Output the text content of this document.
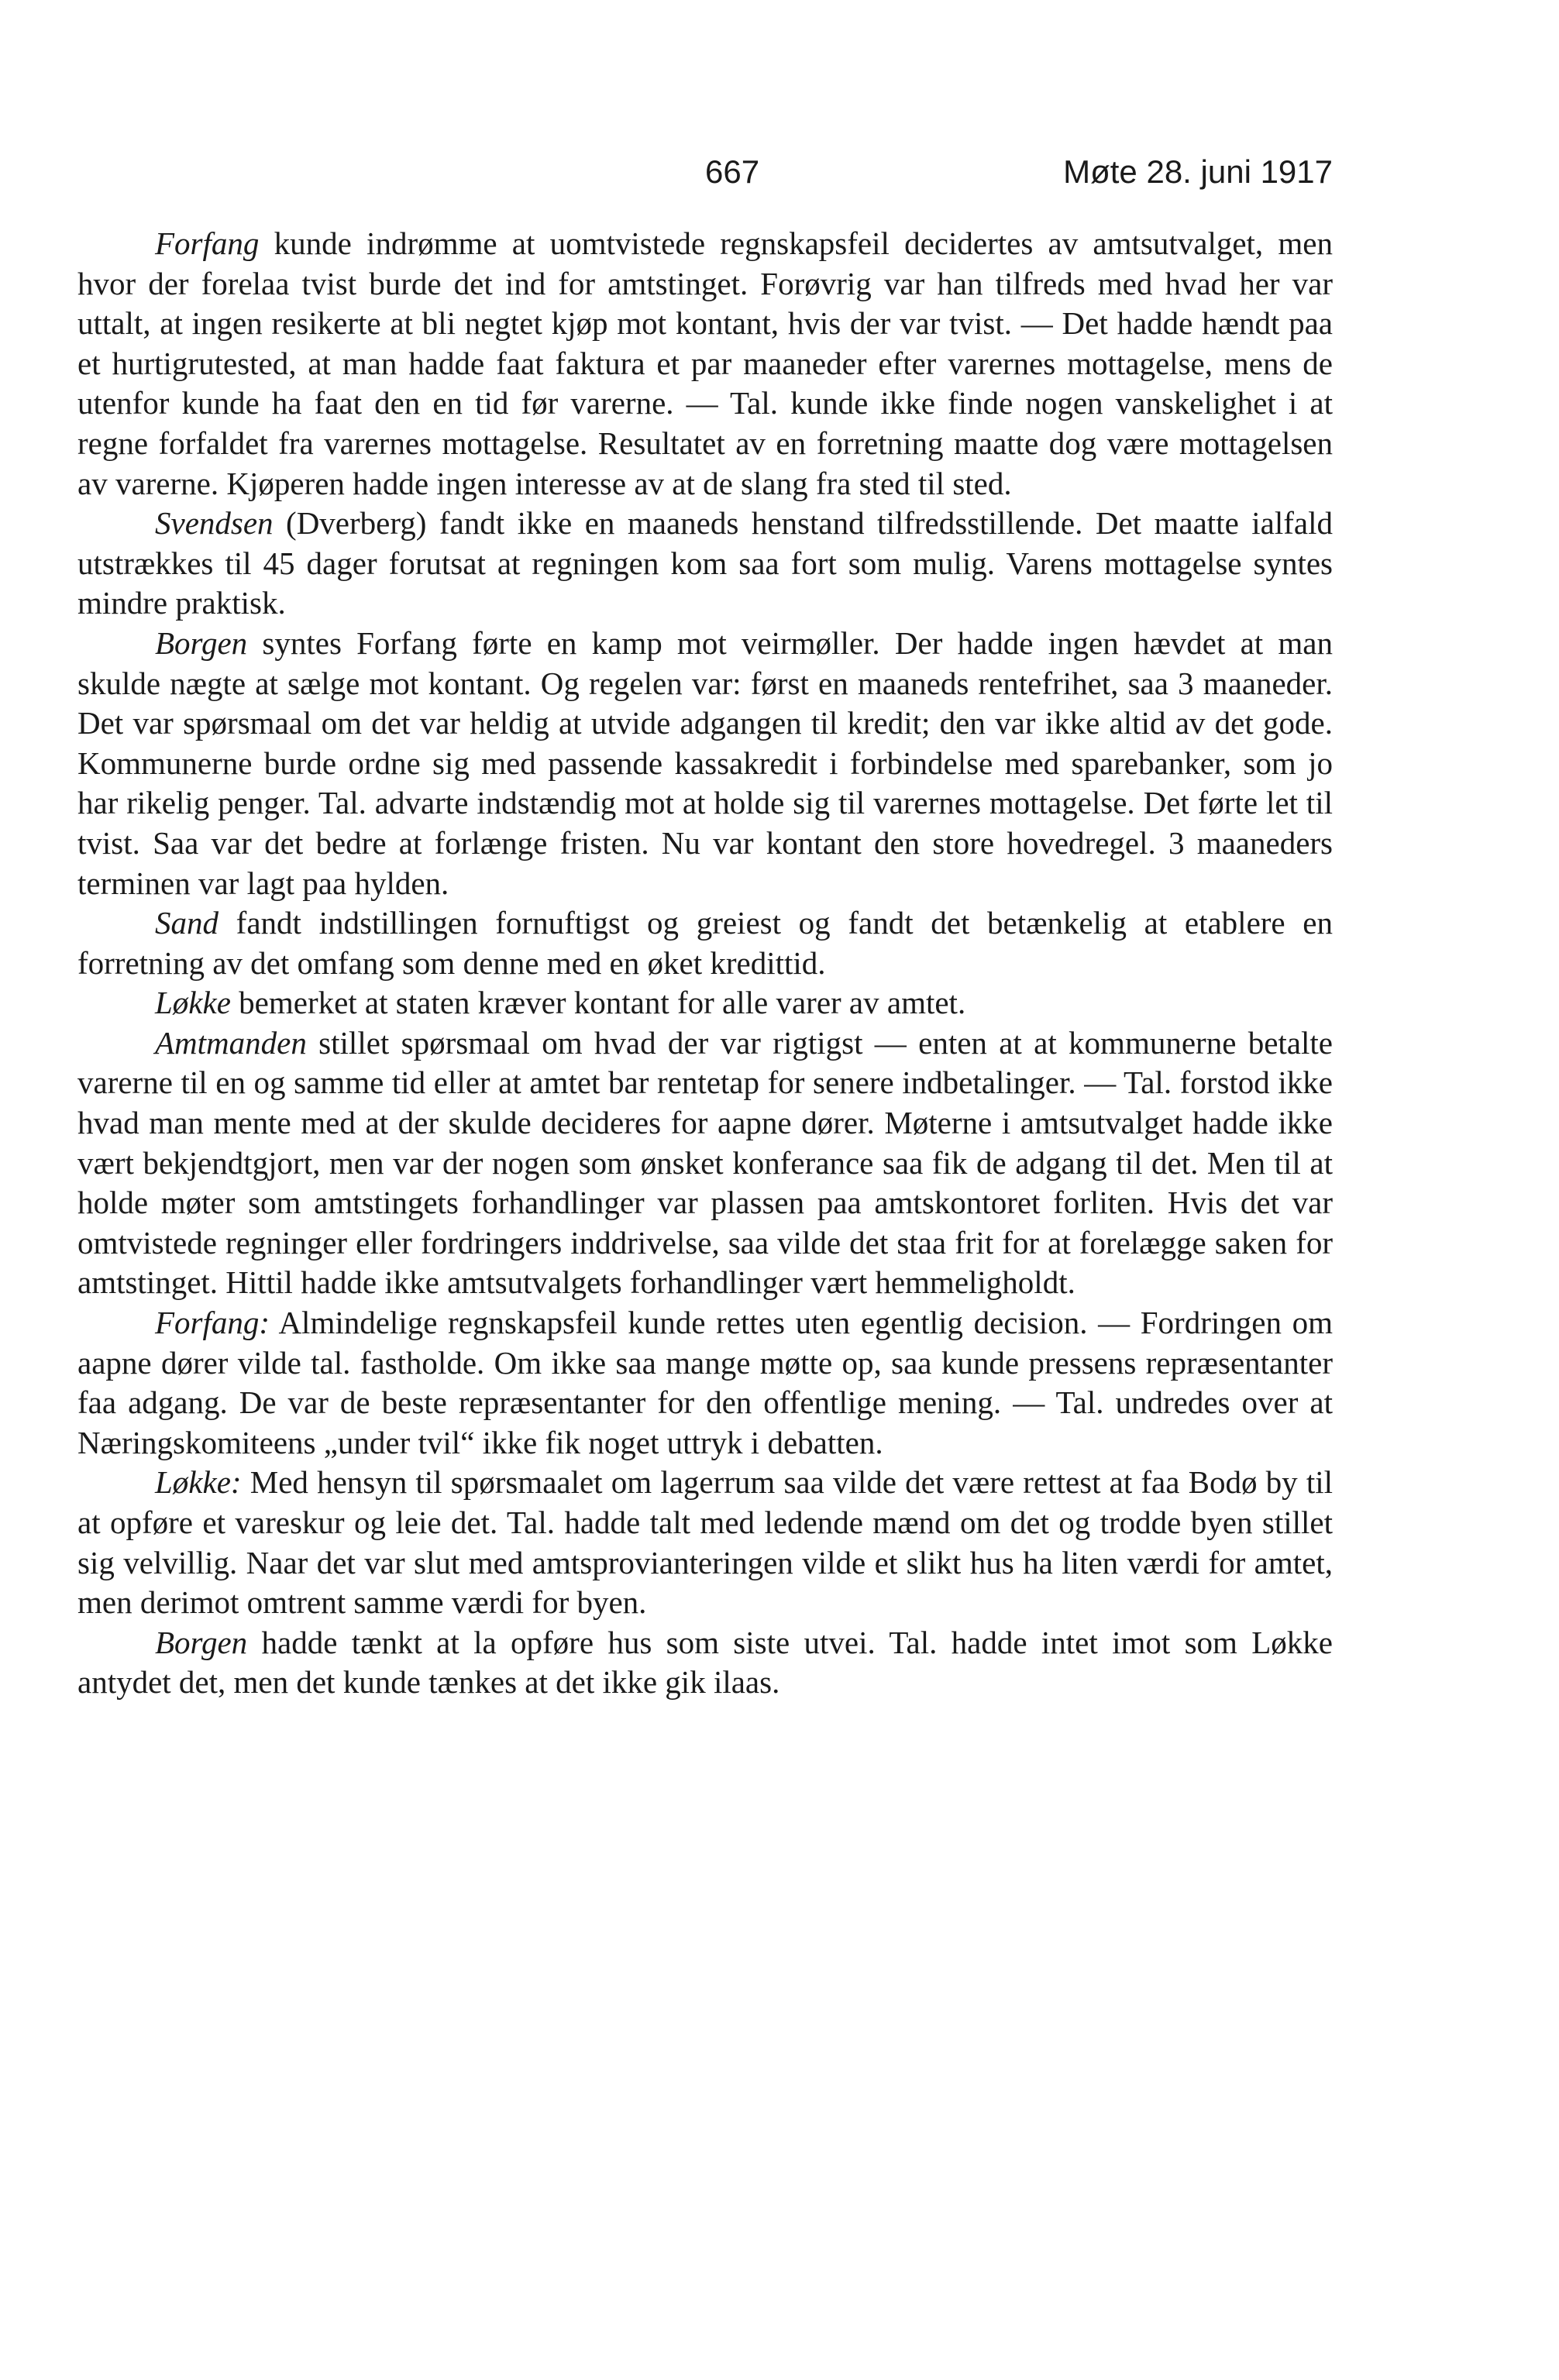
667	Møte 28. juni 1917

Forfang kunde indrømme at uomtvistede regnskapsfeil decidertes av amtsutvalget, men hvor der forelaa tvist burde det ind for amtstinget. Forøvrig var han tilfreds med hvad her var uttalt, at ingen resikerte at bli negtet kjøp mot kontant, hvis der var tvist. — Det hadde hændt paa et hurtigrutested, at man hadde faat faktura et par maaneder efter varernes mottagelse, mens de utenfor kunde ha faat den en tid før varerne. — Tal. kunde ikke finde nogen vanskelighet i at regne forfaldet fra varernes mottagelse. Resultatet av en forretning maatte dog være mottagelsen av varerne. Kjøperen hadde ingen interesse av at de slang fra sted til sted.

Svendsen (Dverberg) fandt ikke en maaneds henstand tilfredsstillende. Det maatte ialfald utstrækkes til 45 dager forutsat at regningen kom saa fort som mulig. Varens mottagelse syntes mindre praktisk.

Borgen syntes Forfang førte en kamp mot veirmøller. Der hadde ingen hævdet at man skulde nægte at sælge mot kontant. Og regelen var: først en maaneds rentefrihet, saa 3 maaneder. Det var spørsmaal om det var heldig at utvide adgangen til kredit; den var ikke altid av det gode. Kommunerne burde ordne sig med passende kassakredit i forbindelse med sparebanker, som jo har rikelig penger. Tal. advarte indstændig mot at holde sig til varernes mottagelse. Det førte let til tvist. Saa var det bedre at forlænge fristen. Nu var kontant den store hovedregel. 3 maaneders terminen var lagt paa hylden.

Sand fandt indstillingen fornuftigst og greiest og fandt det betænkelig at etablere en forretning av det omfang som denne med en øket kredittid.

Løkke bemerket at staten kræver kontant for alle varer av amtet.

Amtmanden stillet spørsmaal om hvad der var rigtigst — enten at at kommunerne betalte varerne til en og samme tid eller at amtet bar rentetap for senere indbetalinger. — Tal. forstod ikke hvad man mente med at der skulde decideres for aapne dører. Møterne i amtsutvalget hadde ikke vært bekjendtgjort, men var der nogen som ønsket konferance saa fik de adgang til det. Men til at holde møter som amtstingets forhandlinger var plassen paa amtskontoret forliten. Hvis det var omtvistede regninger eller fordringers inddrivelse, saa vilde det staa frit for at forelægge saken for amtstinget. Hittil hadde ikke amtsutvalgets forhandlinger vært hemmeligholdt.

Forfang: Almindelige regnskapsfeil kunde rettes uten egentlig decision. — Fordringen om aapne dører vilde tal. fastholde. Om ikke saa mange møtte op, saa kunde pressens repræsentanter faa adgang. De var de beste repræsentanter for den offentlige mening. — Tal. undredes over at Næringskomiteens „under tvil“ ikke fik noget uttryk i debatten.

Løkke: Med hensyn til spørsmaalet om lagerrum saa vilde det være rettest at faa Bodø by til at opføre et vareskur og leie det. Tal. hadde talt med ledende mænd om det og trodde byen stillet sig velvillig. Naar det var slut med amtsprovianteringen vilde et slikt hus ha liten værdi for amtet, men derimot omtrent samme værdi for byen.

Borgen hadde tænkt at la opføre hus som siste utvei. Tal. hadde intet imot som Løkke antydet det, men det kunde tænkes at det ikke gik ilaas.
